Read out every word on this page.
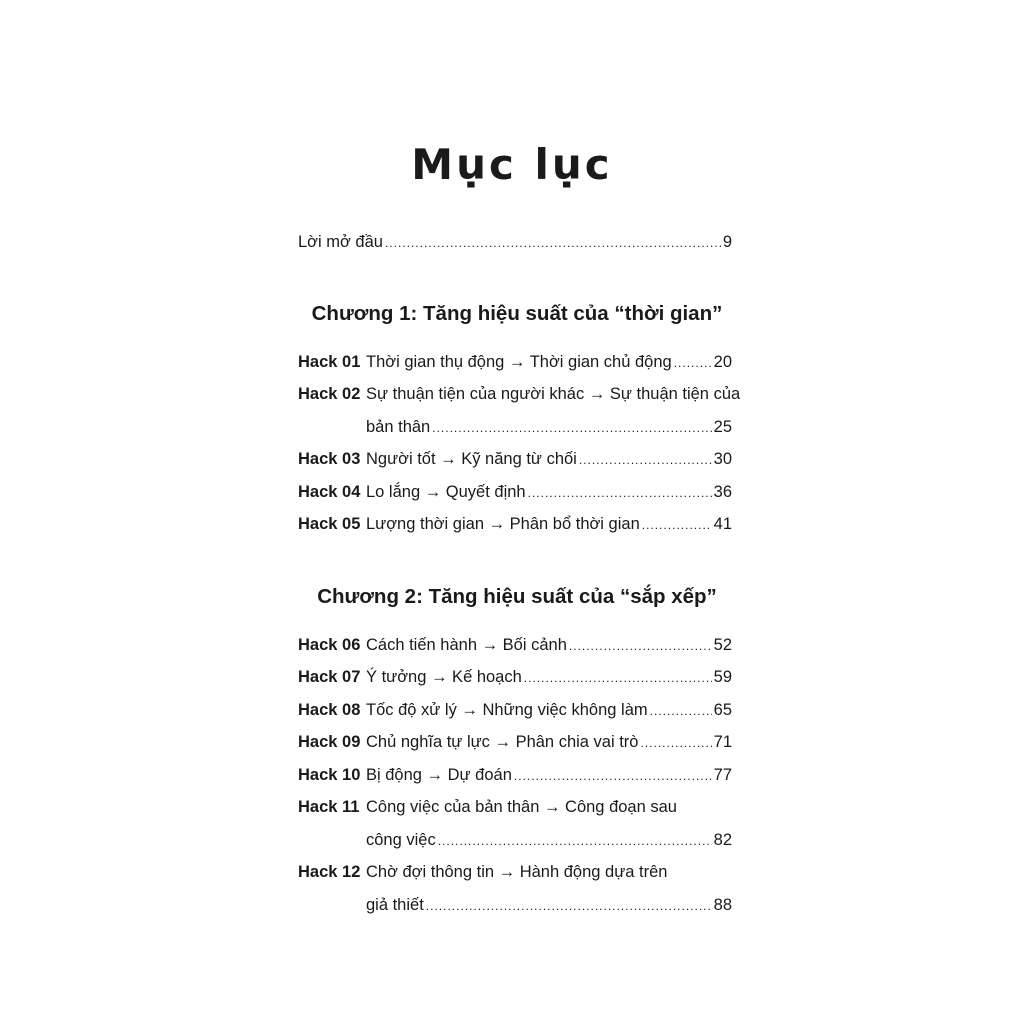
Mục lục
Lời mở đầu .....	9
Chương 1: Tăng hiệu suất của “thời gian”
Hack 01 Thời gian thụ động → Thời gian chủ động .....	20
Hack 02 Sự thuận tiện của người khác → Sự thuận tiện của
bản thân .....	25
Hack 03 Người tốt → Kỹ năng từ chối .....	30
Hack 04 Lo lắng → Quyết định .....	36
Hack 05 Lượng thời gian → Phân bổ thời gian .....	41
Chương 2: Tăng hiệu suất của “sắp xếp”
Hack 06 Cách tiến hành → Bối cảnh .....	52
Hack 07 Ý tưởng → Kế hoạch .....	59
Hack 08 Tốc độ xử lý → Những việc không làm .....	65
Hack 09 Chủ nghĩa tự lực → Phân chia vai trò .....	71
Hack 10 Bị động → Dự đoán .....	77
Hack 11 Công việc của bản thân → Công đoạn sau
công việc .....	82
Hack 12 Chờ đợi thông tin → Hành động dựa trên
giả thiết .....	88
